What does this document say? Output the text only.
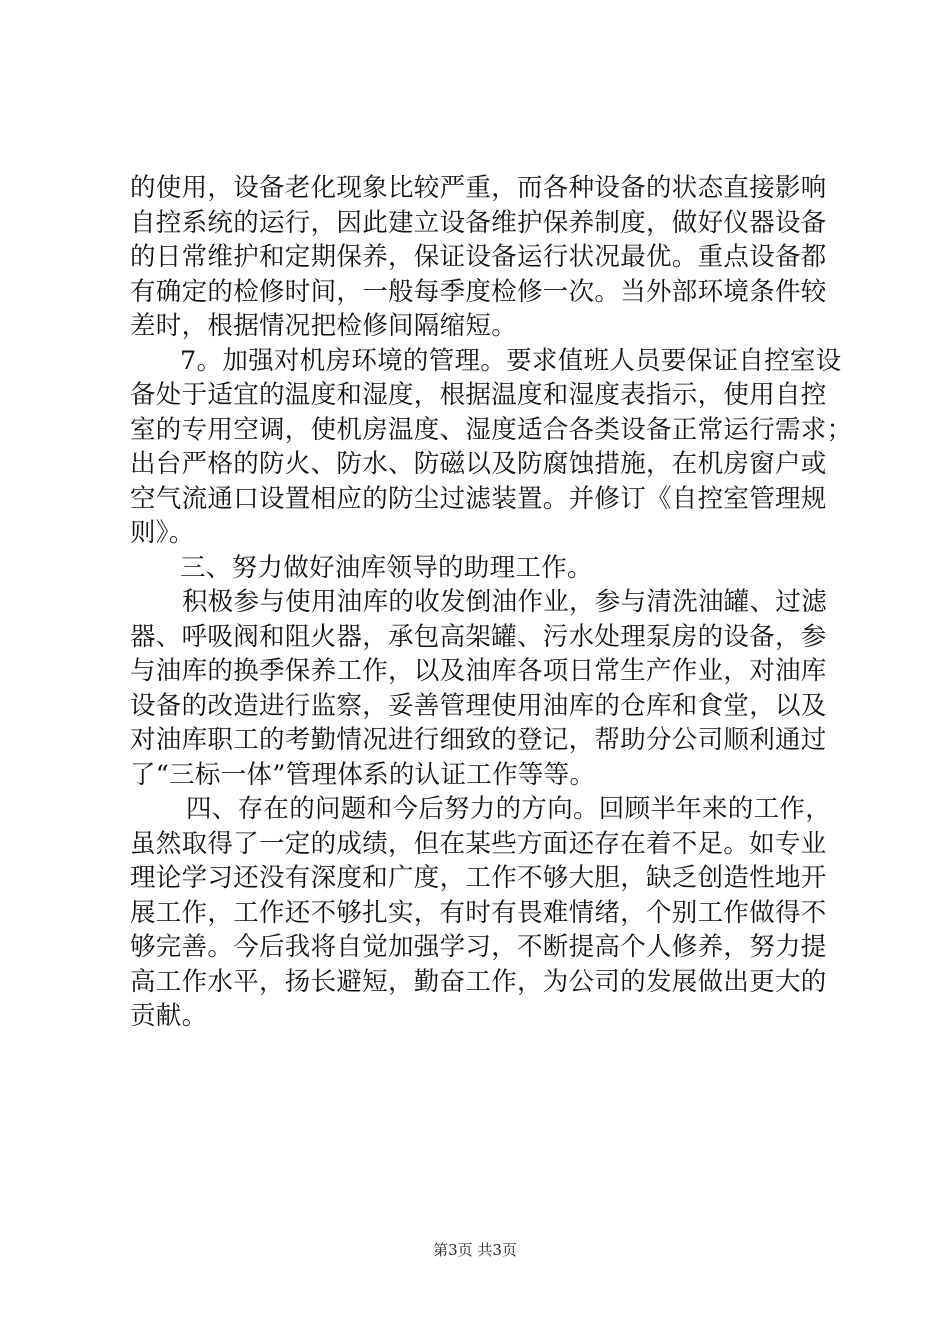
的使用，设备老化现象比较严重，而各种设备的状态直接影响
自控系统的运行，因此建立设备维护保养制度，做好仪器设备
的日常维护和定期保养，保证设备运行状况最优。重点设备都
有确定的检修时间，一般每季度检修一次。当外部环境条件较
差时，根据情况把检修间隔缩短。
7。加强对机房环境的管理。要求值班人员要保证自控室设
备处于适宜的温度和湿度，根据温度和湿度表指示，使用自控
室的专用空调，使机房温度、湿度适合各类设备正常运行需求；
出台严格的防火、防水、防磁以及防腐蚀措施，在机房窗户或
空气流通口设置相应的防尘过滤装置。并修订《自控室管理规
则》。
三、努力做好油库领导的助理工作。
积极参与使用油库的收发倒油作业，参与清洗油罐、过滤
器、呼吸阀和阻火器，承包高架罐、污水处理泵房的设备，参
与油库的换季保养工作，以及油库各项日常生产作业，对油库
设备的改造进行监察，妥善管理使用油库的仓库和食堂，以及
对油库职工的考勤情况进行细致的登记，帮助分公司顺利通过
了“三标一体”管理体系的认证工作等等。
四、存在的问题和今后努力的方向。回顾半年来的工作，
虽然取得了一定的成绩，但在某些方面还存在着不足。如专业
理论学习还没有深度和广度，工作不够大胆，缺乏创造性地开
展工作，工作还不够扎实，有时有畏难情绪，个别工作做得不
够完善。今后我将自觉加强学习，不断提高个人修养，努力提
高工作水平，扬长避短，勤奋工作，为公司的发展做出更大的
贡献。
第3页 共3页
